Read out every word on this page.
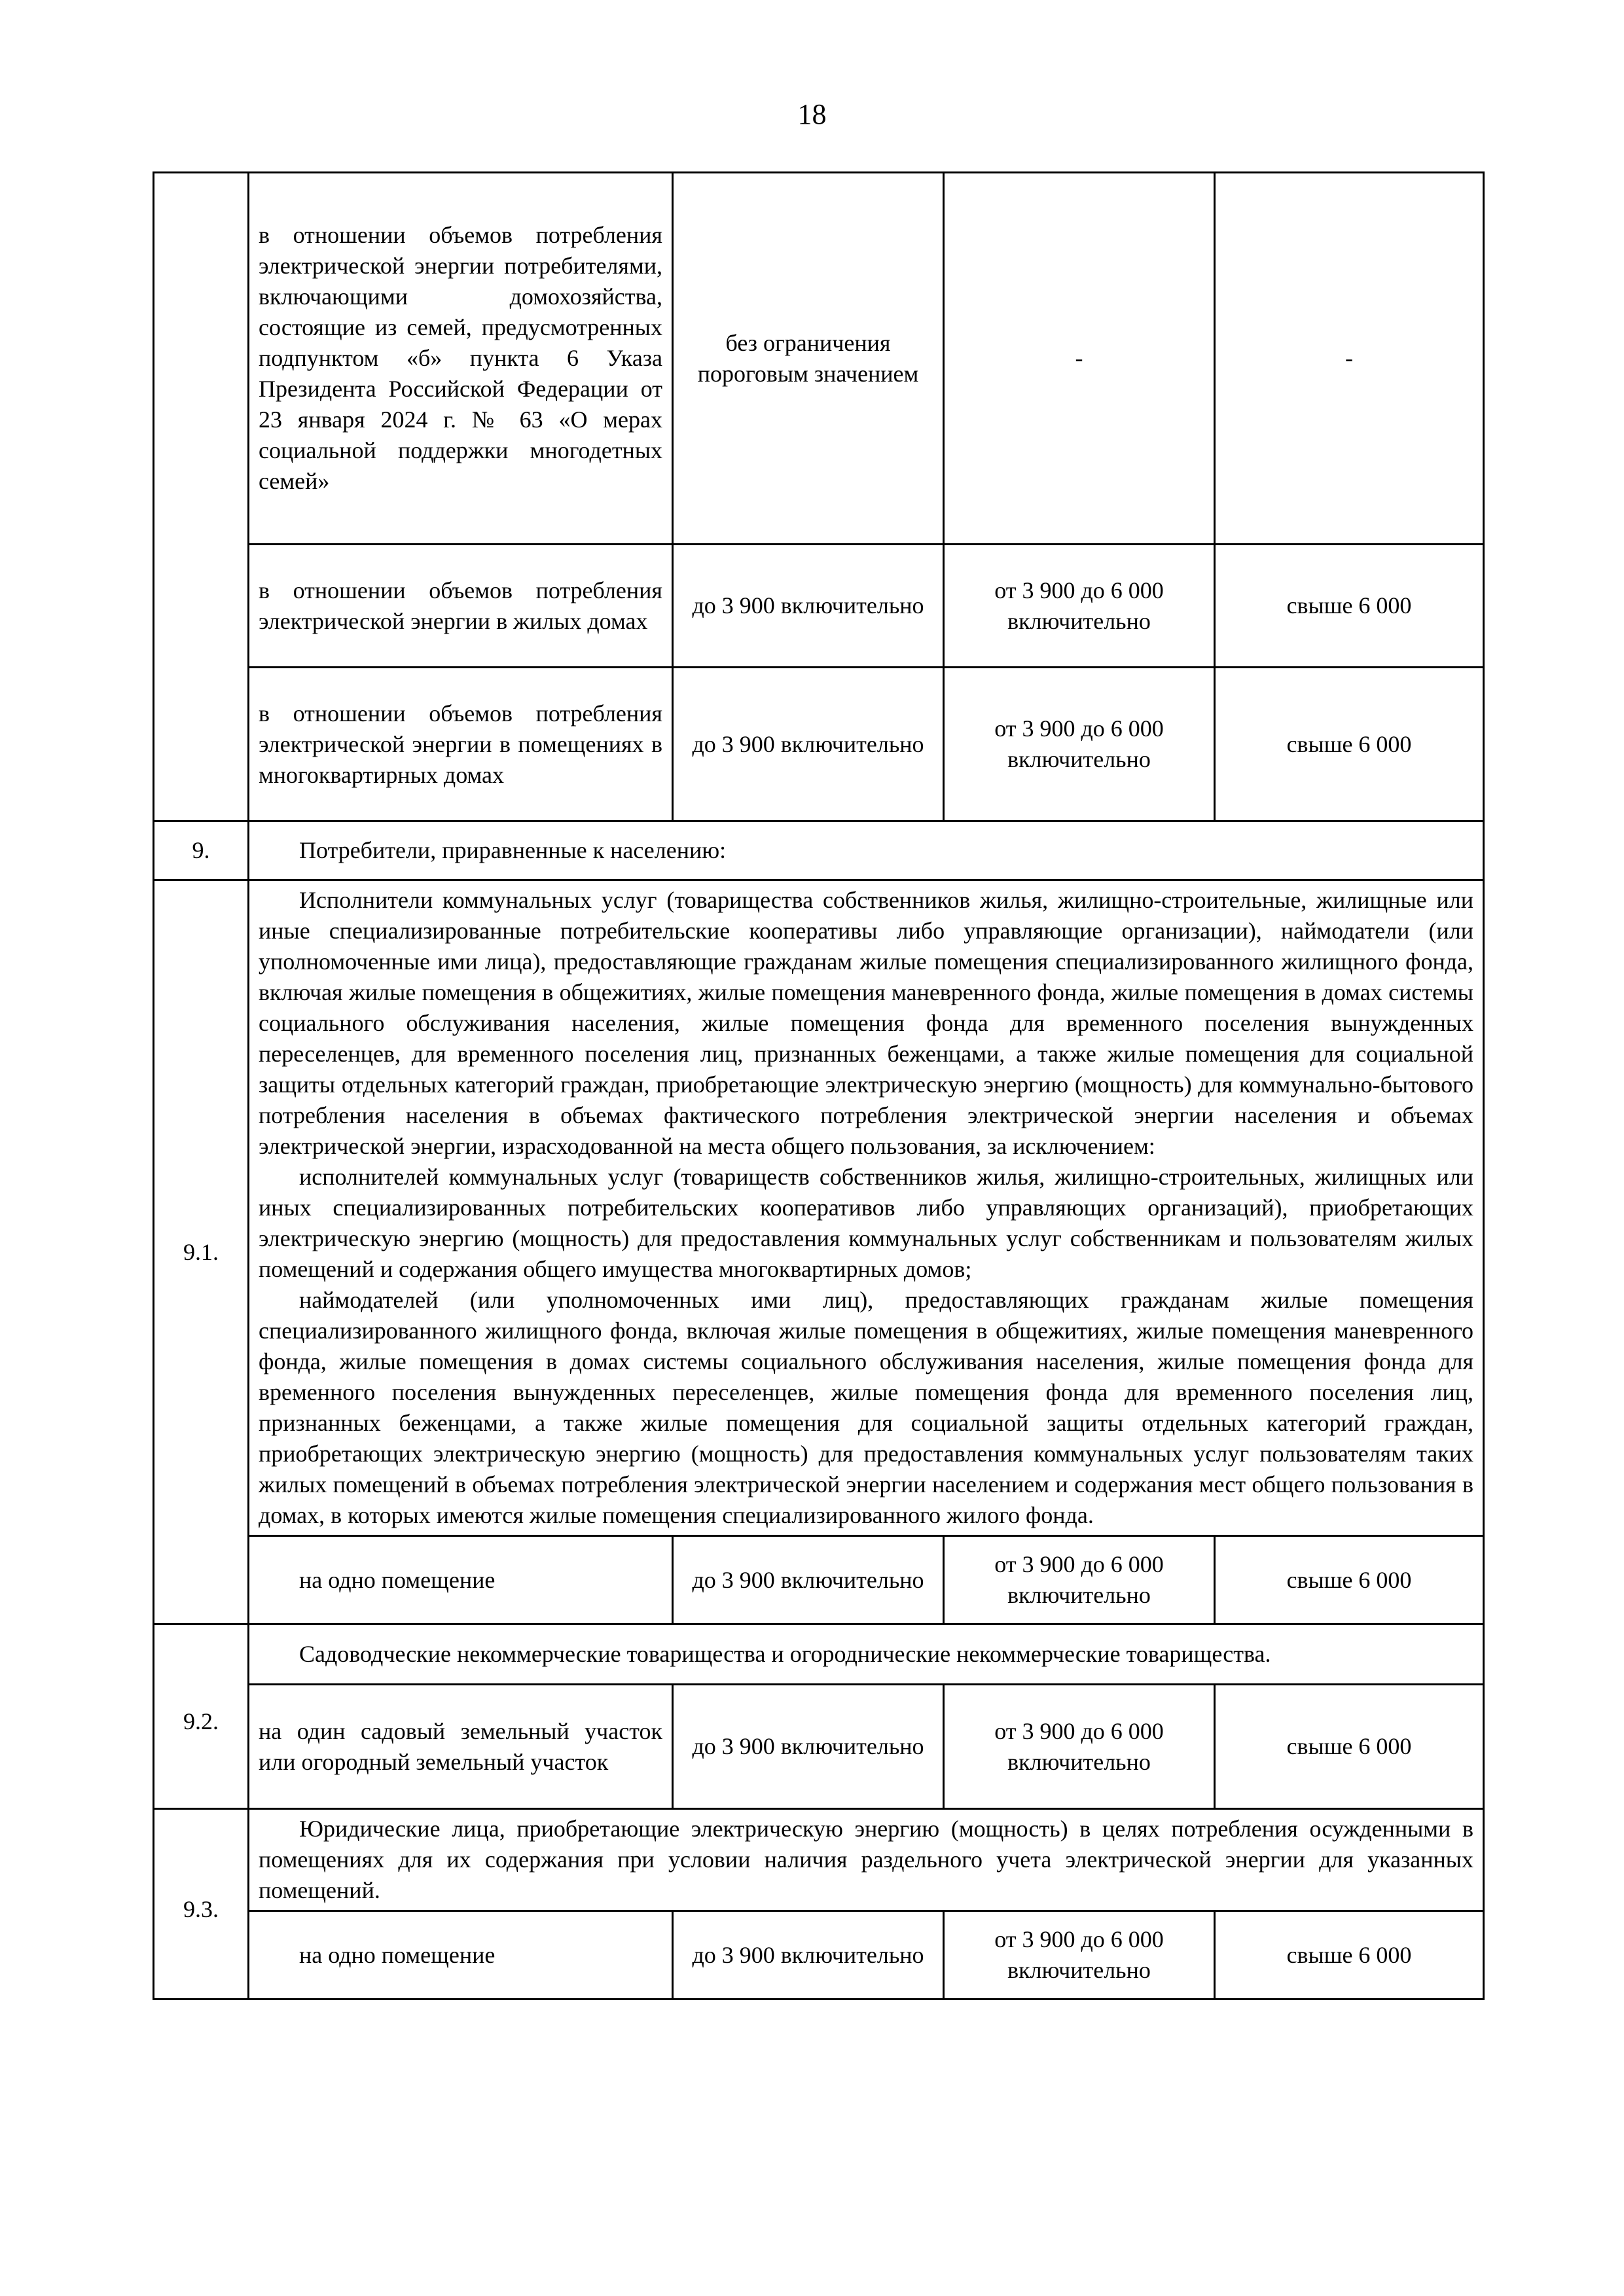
18
	в отношении объемов потребления электрической энергии потребителями, включающими домохозяйства, состоящие из семей, предусмотренных подпунктом «б» пункта 6 Указа Президента Российской Федерации от 23 января 2024 г. № 63 «О мерах социальной поддержки многодетных семей»	без ограничения пороговым значением	-	-
	в отношении объемов потребления электрической энергии в жилых домах	до 3 900 включительно	от 3 900 до 6 000 включительно	свыше 6 000
	в отношении объемов потребления электрической энергии в помещениях в многоквартирных домах	до 3 900 включительно	от 3 900 до 6 000 включительно	свыше 6 000
9.	Потребители, приравненные к населению:			
9.1.	Исполнители коммунальных услуг (товарищества собственников жилья, жилищно-строительные, жилищные или иные специализированные потребительские кооперативы либо управляющие организации), наймодатели (или уполномоченные ими лица), предоставляющие гражданам жилые помещения специализированного жилищного фонда, включая жилые помещения в общежитиях, жилые помещения маневренного фонда, жилые помещения в домах системы социального обслуживания населения, жилые помещения фонда для временного поселения вынужденных переселенцев, для временного поселения лиц, признанных беженцами, а также жилые помещения для социальной защиты отдельных категорий граждан, приобретающие электрическую энергию (мощность) для коммунально-бытового потребления населения в объемах фактического потребления электрической энергии населения и объемах электрической энергии, израсходованной на места общего пользования, за исключением:

исполнителей коммунальных услуг (товариществ собственников жилья, жилищно-строительных, жилищных или иных специализированных потребительских кооперативов либо управляющих организаций), приобретающих электрическую энергию (мощность) для предоставления коммунальных услуг собственникам и пользователям жилых помещений и содержания общего имущества многоквартирных домов;

наймодателей (или уполномоченных ими лиц), предоставляющих гражданам жилые помещения специализированного жилищного фонда, включая жилые помещения в общежитиях, жилые помещения маневренного фонда, жилые помещения в домах системы социального обслуживания населения, жилые помещения фонда для временного поселения вынужденных переселенцев, жилые помещения фонда для временного поселения лиц, признанных беженцами, а также жилые помещения для социальной защиты отдельных категорий граждан, приобретающих электрическую энергию (мощность) для предоставления коммунальных услуг пользователям таких жилых помещений в объемах потребления электрической энергии населением и содержания мест общего пользования в домах, в которых имеются жилые помещения специализированного жилого фонда.			

	на одно помещение	до 3 900 включительно	от 3 900 до 6 000 включительно	свыше 6 000
9.2.	Садоводческие некоммерческие товарищества и огороднические некоммерческие товарищества.			
	на один садовый земельный участок или огородный земельный участок	до 3 900 включительно	от 3 900 до 6 000 включительно	свыше 6 000
9.3.	Юридические лица, приобретающие электрическую энергию (мощность) в целях потребления осужденными в помещениях для их содержания при условии наличия раздельного учета электрической энергии для указанных помещений.			

	на одно помещение	до 3 900 включительно	от 3 900 до 6 000 включительно	свыше 6 000
